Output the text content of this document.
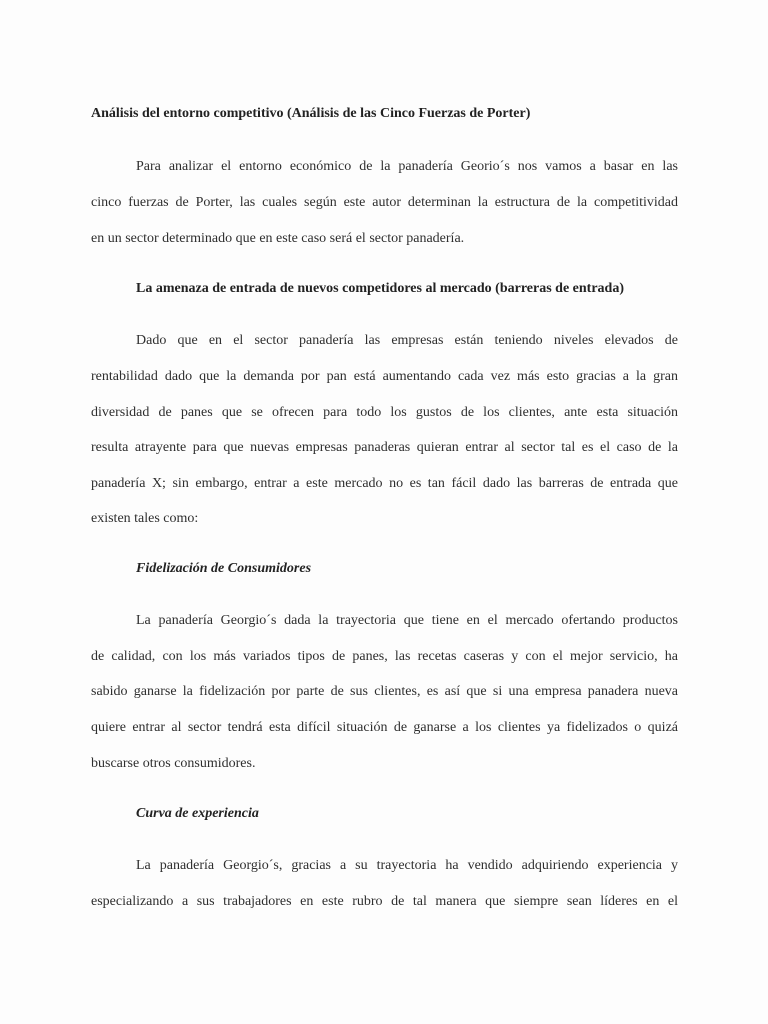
Análisis del entorno competitivo (Análisis de las Cinco Fuerzas de Porter)
Para analizar el entorno económico de la panadería Georio´s nos vamos a basar en las
cinco fuerzas de Porter, las cuales según este autor determinan la estructura de la competitividad
en un sector determinado que en este caso será el sector panadería.
La amenaza de entrada de nuevos competidores al mercado (barreras de entrada)
Dado que en el sector panadería las empresas están teniendo niveles elevados de
rentabilidad dado que la demanda por pan está aumentando cada vez más esto gracias a la gran
diversidad de panes que se ofrecen para todo los gustos de los clientes, ante esta situación
resulta atrayente para que nuevas empresas panaderas quieran entrar al sector tal es el caso de la
panadería X; sin embargo, entrar a este mercado no es tan fácil dado las barreras de entrada que
existen tales como:
Fidelización de Consumidores
La panadería Georgio´s dada la trayectoria que tiene en el mercado ofertando productos
de calidad, con los más variados tipos de panes, las recetas caseras y con el mejor servicio, ha
sabido ganarse la fidelización por parte de sus clientes, es así que si una empresa panadera nueva
quiere entrar al sector tendrá esta difícil situación de ganarse a los clientes ya fidelizados o quizá
buscarse otros consumidores.
Curva de experiencia
La panadería Georgio´s, gracias a su trayectoria ha vendido adquiriendo experiencia y
especializando a sus trabajadores en este rubro de tal manera que siempre sean líderes en el
